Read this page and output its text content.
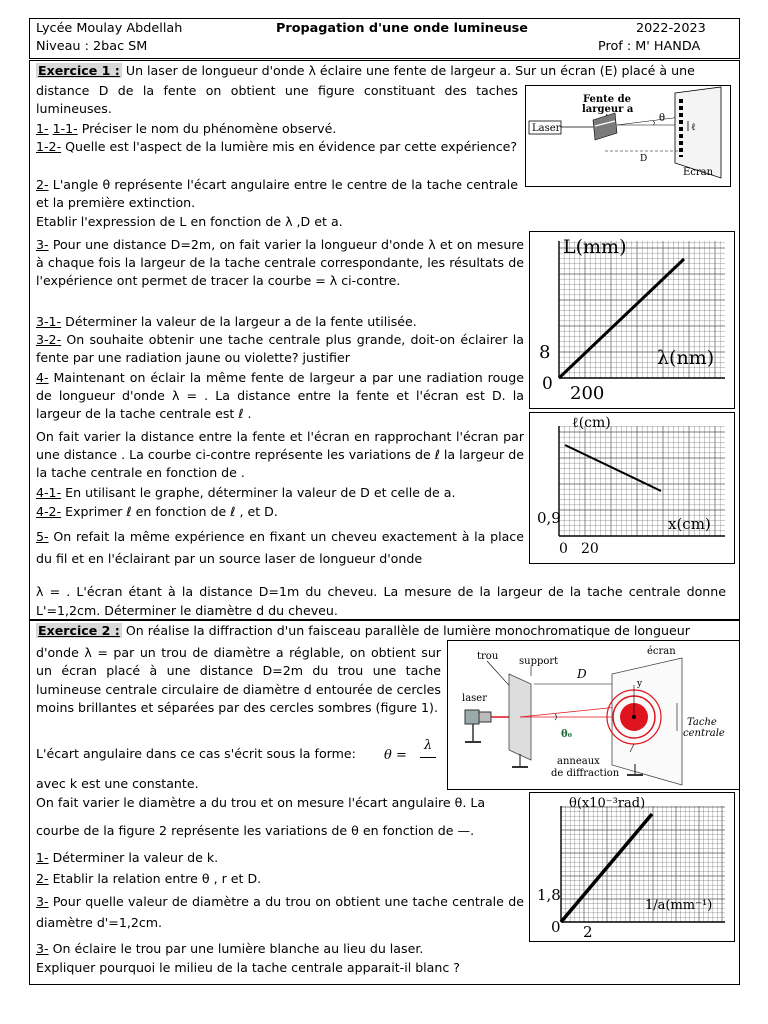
Lycée Moulay Abdellah
Niveau : 2bac SM
Propagation d'une onde lumineuse	2022-2023
Prof : M' HANDA
Exercice 1 : Un laser de longueur d'onde λ éclaire une fente de largeur a. Sur un écran (E) placé à une
distance D de la fente on obtient une figure constituant des taches lumineuses.
1- 1-1- Préciser le nom du phénomène observé.
1-2- Quelle est l'aspect de la lumière mis en évidence par cette expérience?
2- L'angle θ représente l'écart angulaire entre le centre de la tache centrale et la première extinction.
Etablir l'expression de L en fonction de λ ,D et a.
3- Pour une distance D=2m, on fait varier la longueur d'onde λ et on mesure à chaque fois la largeur de la tache centrale correspondante, les résultats de l'expérience ont permet de tracer la courbe = λ ci-contre.
3-1- Déterminer la valeur de la largeur a de la fente utilisée.
3-2- On souhaite obtenir une tache centrale plus grande, doit-on éclairer la fente par une radiation jaune ou violette? justifier
4- Maintenant on éclair la même fente de largeur a par une radiation rouge de longueur d'onde λ = . La distance entre la fente et l'écran est D. la largeur de la tache centrale est ℓ .
On fait varier la distance entre la fente et l'écran en rapprochant l'écran par une distance . La courbe ci-contre représente les variations de ℓ la largeur de la tache centrale en fonction de .
4-1- En utilisant le graphe, déterminer la valeur de D et celle de a.
4-2- Exprimer ℓ en fonction de ℓ , et D.
5- On refait la même expérience en fixant un cheveu exactement à la place du fil et en l'éclairant par un source laser de longueur d'onde
λ = . L'écran étant à la distance D=1m du cheveu. La mesure de la largeur de la tache centrale donne L'=1,2cm. Déterminer le diamètre d du cheveu.
Fente de
largeur a
Laser
θ
ℓ
D
Ecran
L(mm)
λ(nm)
8
0 200
ℓ(cm)
x(cm)
0,9
0 20
Exercice 2 : On réalise la diffraction d'un faisceau parallèle de lumière monochromatique de longueur
d'onde λ = par un trou de diamètre a réglable, on obtient sur un écran placé à une distance D=2m du trou une tache lumineuse centrale circulaire de diamètre d entourée de cercles moins brillantes et séparées par des cercles sombres (figure 1).
L'écart angulaire dans ce cas s'écrit sous la forme: θ =
λ
avec k est une constante.
On fait varier le diamètre a du trou et on mesure l'écart angulaire θ. La
courbe de la figure 2 représente les variations de θ en fonction de —.
1- Déterminer la valeur de k.
2- Etablir la relation entre θ , r et D.
3- Pour quelle valeur de diamètre a du trou on obtient une tache centrale de diamètre d'=1,2cm.
3- On éclaire le trou par une lumière blanche au lieu du laser.
Expliquer pourquoi le milieu de la tache centrale apparait-il blanc ?
trou support
écran
D
laser
θ₀
y
Tache
centrale
anneaux
de diffraction
θ(x10⁻³rad)
1/a(mm⁻¹)
1,8
0 2
